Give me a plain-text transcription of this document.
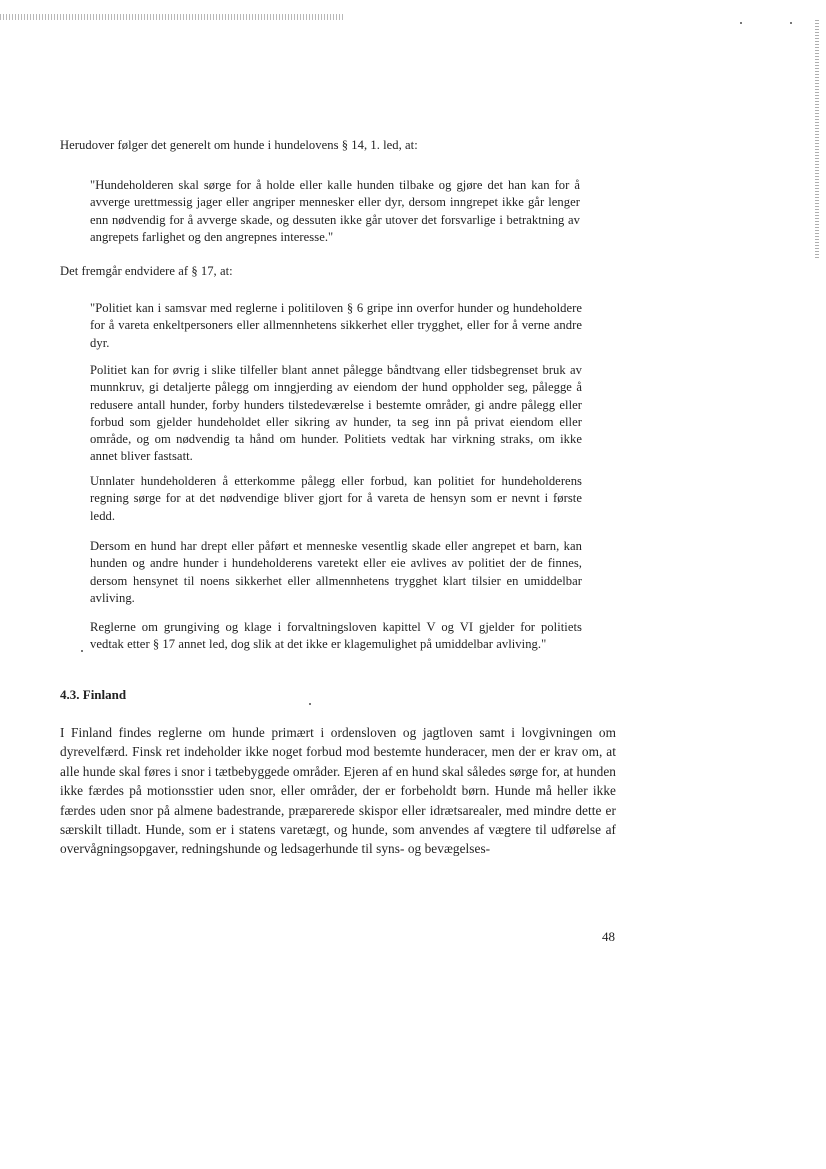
Herudover følger det generelt om hunde i hundelovens § 14, 1. led, at:

"Hundeholderen skal sørge for å holde eller kalle hunden tilbake og gjøre det han kan for å avverge urettmessig jager eller angriper mennesker eller dyr, dersom inngrepet ikke går lenger enn nødvendig for å avverge skade, og dessuten ikke går utover det forsvarlige i betraktning av angrepets farlighet og den angrepnes interesse."

Det fremgår endvidere af § 17, at:

"Politiet kan i samsvar med reglerne i politiloven § 6 gripe inn overfor hunder og hundeholdere for å vareta enkeltpersoners eller allmennhetens sikkerhet eller trygghet, eller for å verne andre dyr.

Politiet kan for øvrig i slike tilfeller blant annet pålegge båndtvang eller tidsbegrenset bruk av munnkruv, gi detaljerte pålegg om inngjerding av eiendom der hund oppholder seg, pålegge å redusere antall hunder, forby hunders tilstedeværelse i bestemte områder, gi andre pålegg eller forbud som gjelder hundeholdet eller sikring av hunder, ta seg inn på privat eiendom eller område, og om nødvendig ta hånd om hunder. Politiets vedtak har virkning straks, om ikke annet bliver fastsatt.

Unnlater hundeholderen å etterkomme pålegg eller forbud, kan politiet for hundeholderens regning sørge for at det nødvendige bliver gjort for å vareta de hensyn som er nevnt i første ledd.

Dersom en hund har drept eller påført et menneske vesentlig skade eller angrepet et barn, kan hunden og andre hunder i hundeholderens varetekt eller eie avlives av politiet der de finnes, dersom hensynet til noens sikkerhet eller allmennhetens trygghet klart tilsier en umiddelbar avliving.

Reglerne om grungiving og klage i forvaltningsloven kapittel V og VI gjelder for politiets vedtak etter § 17 annet led, dog slik at det ikke er klagemulighet på umiddelbar avliving."

4.3. Finland

I Finland findes reglerne om hunde primært i ordensloven og jagtloven samt i lovgivningen om dyrevelfærd. Finsk ret indeholder ikke noget forbud mod bestemte hunderacer, men der er krav om, at alle hunde skal føres i snor i tætbebyggede områder. Ejeren af en hund skal således sørge for, at hunden ikke færdes på motionsstier uden snor, eller områder, der er forbeholdt børn. Hunde må heller ikke færdes uden snor på almene badestrande, præparerede skispor eller idrætsarealer, med mindre dette er særskilt tilladt. Hunde, som er i statens varetægt, og hunde, som anvendes af vægtere til udførelse af overvågningsopgaver, redningshunde og ledsagerhunde til syns- og bevægelses-

48
